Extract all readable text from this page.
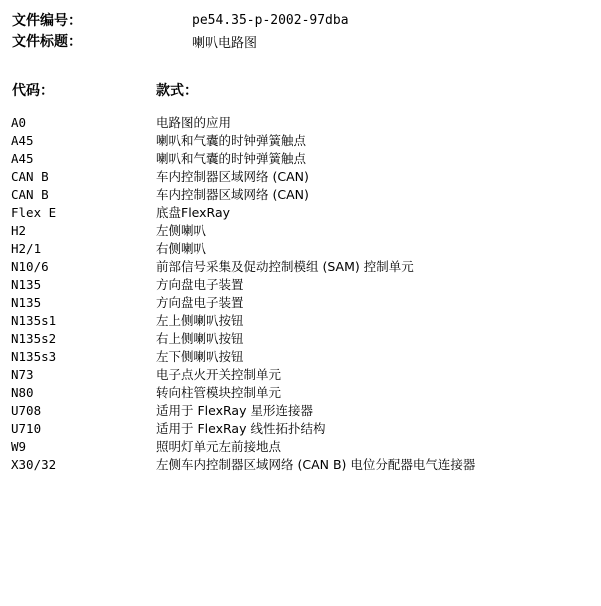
文件编号：	pe54.35-p-2002-97dba
文件标题：	喇叭电路图
代码：	款式：
A0	电路图的应用
A45	喇叭和气囊的时钟弹簧触点
A45	喇叭和气囊的时钟弹簧触点
CAN B	车内控制器区域网络 (CAN)
CAN B	车内控制器区域网络 (CAN)
Flex E	底盘FlexRay
H2	左侧喇叭
H2/1	右侧喇叭
N10/6	前部信号采集及促动控制模组 (SAM) 控制单元
N135	方向盘电子装置
N135	方向盘电子装置
N135s1	左上侧喇叭按钮
N135s2	右上侧喇叭按钮
N135s3	左下侧喇叭按钮
N73	电子点火开关控制单元
N80	转向柱管模块控制单元
U708	适用于 FlexRay 星形连接器
U710	适用于 FlexRay 线性拓扑结构
W9	照明灯单元左前接地点
X30/32	左侧车内控制器区域网络 (CAN B) 电位分配器电气连接器
